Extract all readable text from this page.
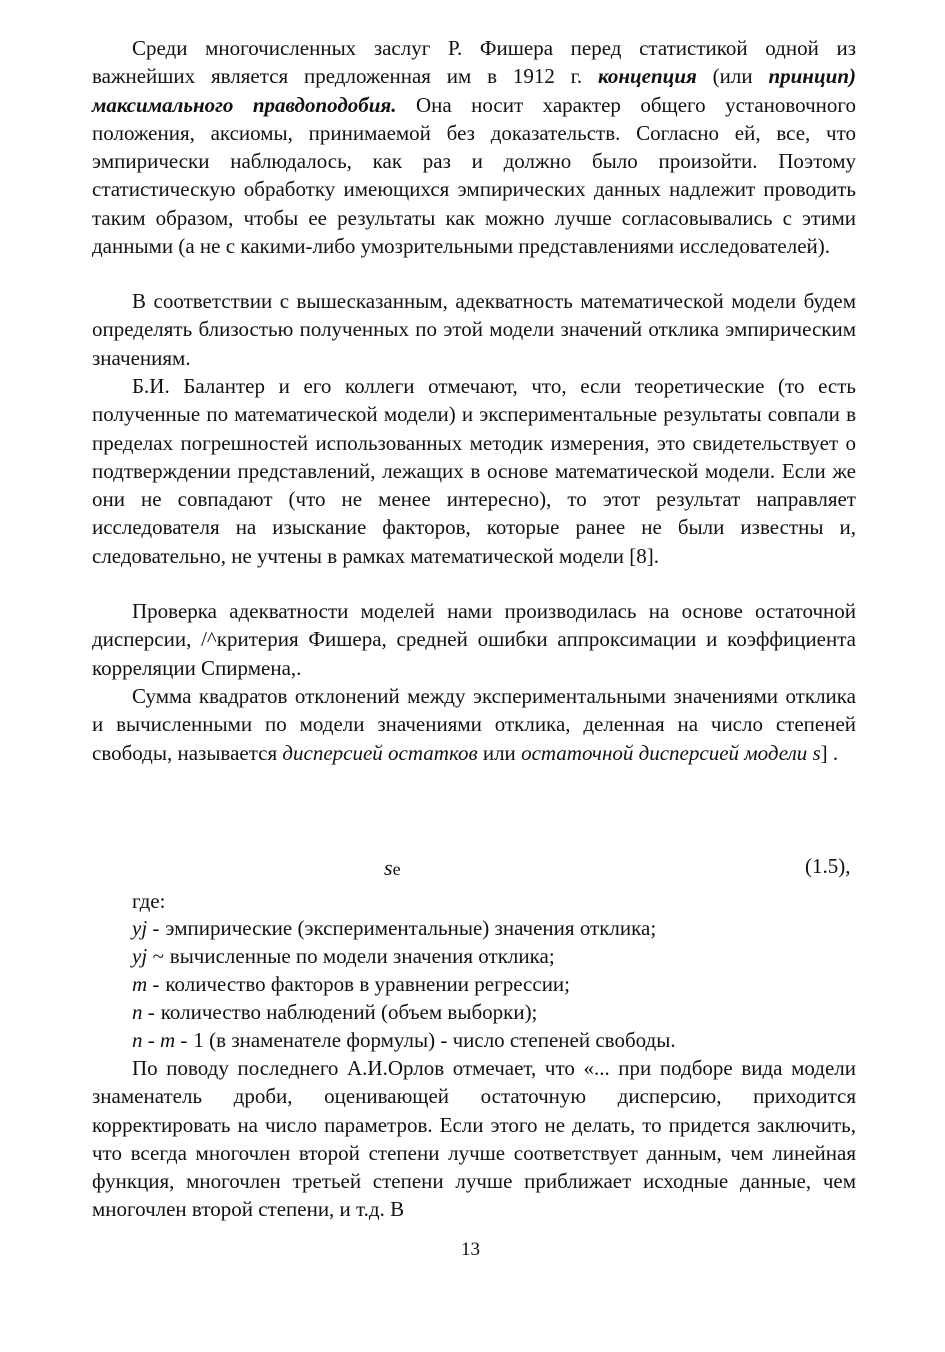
Среди многочисленных заслуг Р. Фишера перед статистикой одной из важнейших является предложенная им в 1912 г. концепция (или принцип) максимального правдоподобия. Она носит характер общего установочного положения, аксиомы, принимаемой без доказательств. Согласно ей, все, что эмпирически наблюдалось, как раз и должно было произойти. Поэтому статистическую обработку имеющихся эмпирических данных надлежит проводить таким образом, чтобы ее результаты как можно лучше согласовывались с этими данными (а не с какими-либо умозрительными представлениями исследователей).

В соответствии с вышесказанным, адекватность математической модели будем определять близостью полученных по этой модели значений отклика эмпирическим значениям.

Б.И. Балантер и его коллеги отмечают, что, если теоретические (то есть полученные по математической модели) и экспериментальные результаты совпали в пределах погрешностей использованных методик измерения, это свидетельствует о подтверждении представлений, лежащих в основе математической модели. Если же они не совпадают (что не менее интересно), то этот результат направляет исследователя на изыскание факторов, которые ранее не были известны и, следовательно, не учтены в рамках математической модели [8].

Проверка адекватности моделей нами производилась на основе остаточной дисперсии, /^критерия Фишера, средней ошибки аппроксимации и коэффициента корреляции Спирмена,.

Сумма квадратов отклонений между экспериментальными значениями отклика и вычисленными по модели значениями отклика, деленная на число степеней свободы, называется дисперсией остатков или остаточной дисперсией модели s] .

se	(1.5),
где:
yj - эмпирические (экспериментальные) значения отклика;
yj ~ вычисленные по модели значения отклика;
m - количество факторов в уравнении регрессии;
n - количество наблюдений (объем выборки);
n - m - 1 (в знаменателе формулы) - число степеней свободы.

По поводу последнего А.И.Орлов отмечает, что «... при подборе вида модели знаменатель дроби, оценивающей остаточную дисперсию, приходится корректировать на число параметров. Если этого не делать, то придется заключить, что всегда многочлен второй степени лучше соответствует данным, чем линейная функция, многочлен третьей степени лучше приближает исходные данные, чем многочлен второй степени, и т.д. В

13
